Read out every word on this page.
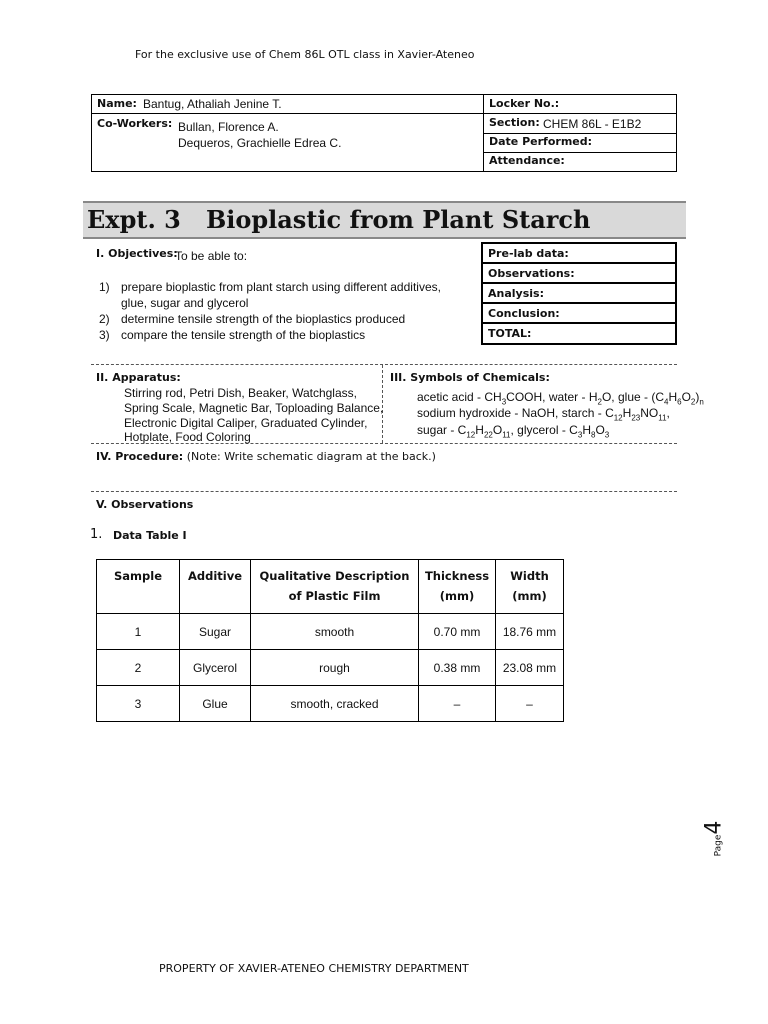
For the exclusive use of Chem 86L OTL class in Xavier-Ateneo
Name: Bantug, Athaliah Jenine T.
Co-Workers: Bullan, Florence A.
Dequeros, Grachielle Edrea C.
Locker No.:
Section: CHEM 86L - E1B2
Date Performed:
Attendance:
Expt. 3   Bioplastic from Plant Starch
I. Objectives:
To be able to:
1) prepare bioplastic from plant starch using different additives,
glue, sugar and glycerol
2) determine tensile strength of the bioplastics produced
3) compare the tensile strength of the bioplastics
Pre-lab data:
Observations:
Analysis:
Conclusion:
TOTAL:
II. Apparatus:
Stirring rod, Petri Dish, Beaker, Watchglass,
Spring Scale, Magnetic Bar, Toploading Balance,
Electronic Digital Caliper, Graduated Cylinder,
Hotplate, Food Coloring
III. Symbols of Chemicals:
acetic acid - $CH_3COOH$, water - $H_2O$, glue - $(C_4H_6O_2)_n$
sodium hydroxide - NaOH, starch - $C_{12}H_{23}NO_{11}$,
sugar - $C_{12}H_{22}O_{11}$, glycerol - $C_3H_8O_3$
IV. Procedure: (Note: Write schematic diagram at the back.)
V. Observations
1. Data Table I
Sample	Additive	Qualitative Description of Plastic Film	Thickness (mm)	Width (mm)
1	Sugar	smooth	0.70 mm	18.76 mm
2	Glycerol	rough	0.38 mm	23.08 mm
3	Glue	smooth, cracked	–	–
Page4
PROPERTY OF XAVIER-ATENEO CHEMISTRY DEPARTMENT
